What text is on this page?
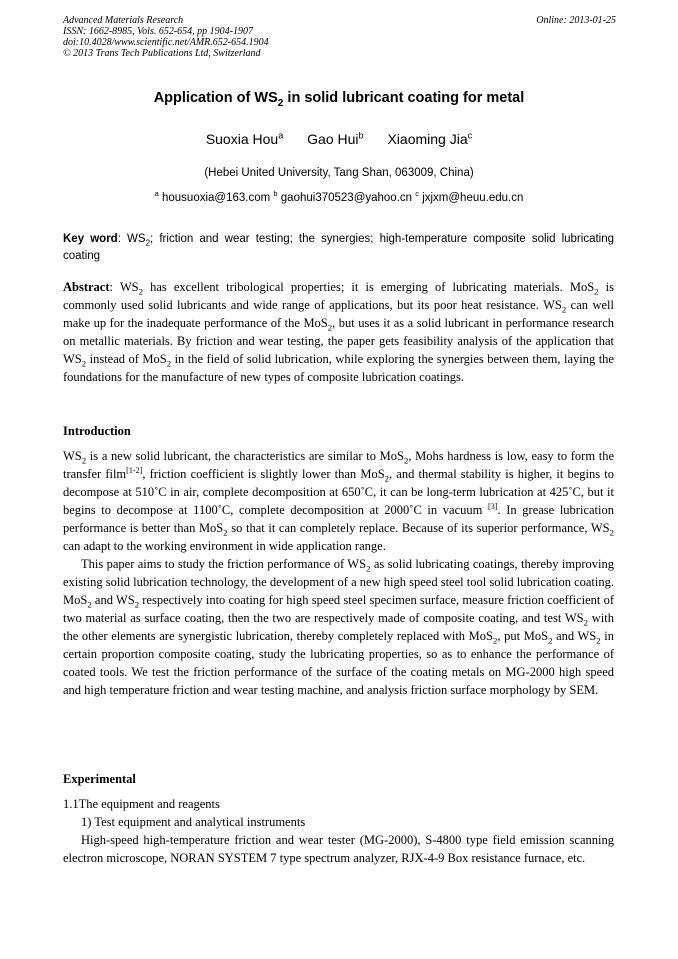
Advanced Materials Research
ISSN: 1662-8985, Vols. 652-654, pp 1904-1907
doi:10.4028/www.scientific.net/AMR.652-654.1904
© 2013 Trans Tech Publications Ltd, Switzerland
Online: 2013-01-25
Application of $WS_2$ in solid lubricant coating for metal
Suoxia Hou$^a$ Gao Hui$^b$ Xiaoming Jia$^c$
(Hebei United University, Tang Shan, 063009, China)
$^a$ housuoxia@163.com $^b$ gaohui370523@yahoo.cn $^c$ jxjxm@heuu.edu.cn
Key word: $WS_2$; friction and wear testing; the synergies; high-temperature composite solid lubricating coating

Abstract: $WS_2$ has excellent tribological properties; it is emerging of lubricating materials. MoS$_2$ is commonly used solid lubricants and wide range of applications, but its poor heat resistance. $WS_2$ can well make up for the inadequate performance of the MoS$_2$, but uses it as a solid lubricant in performance research on metallic materials. By friction and wear testing, the paper gets feasibility analysis of the application that $WS_2$ instead of MoS$_2$ in the field of solid lubrication, while exploring the synergies between them, laying the foundations for the manufacture of new types of composite lubrication coatings.

Introduction

$WS_2$ is a new solid lubricant, the characteristics are similar to MoS$_2$, Mohs hardness is low, easy to form the transfer film[1-2], friction coefficient is slightly lower than MoS$_2$, and thermal stability is higher, it begins to decompose at 510˚C in air, complete decomposition at 650˚C, it can be long-term lubrication at 425˚C, but it begins to decompose at 1100˚C, complete decomposition at 2000˚C in vacuum [3]. In grease lubrication performance is better than MoS$_2$ so that it can completely replace. Because of its superior performance, $WS_2$ can adapt to the working environment in wide application range.

This paper aims to study the friction performance of $WS_2$ as solid lubricating coatings, thereby improving existing solid lubrication technology, the development of a new high speed steel tool solid lubrication coating. MoS$_2$ and $WS_2$ respectively into coating for high speed steel specimen surface, measure friction coefficient of two material as surface coating, then the two are respectively made of composite coating, and test $WS_2$ with the other elements are synergistic lubrication, thereby completely replaced with MoS$_2$, put MoS$_2$ and $WS_2$ in certain proportion composite coating, study the lubricating properties, so as to enhance the performance of coated tools. We test the friction performance of the surface of the coating metals on MG-2000 high speed and high temperature friction and wear testing machine, and analysis friction surface morphology by SEM.

Experimental

1.1The equipment and reagents

1) Test equipment and analytical instruments

High-speed high-temperature friction and wear tester (MG-2000), S-4800 type field emission scanning electron microscope, NORAN SYSTEM 7 type spectrum analyzer, RJX-4-9 Box resistance furnace, etc.
